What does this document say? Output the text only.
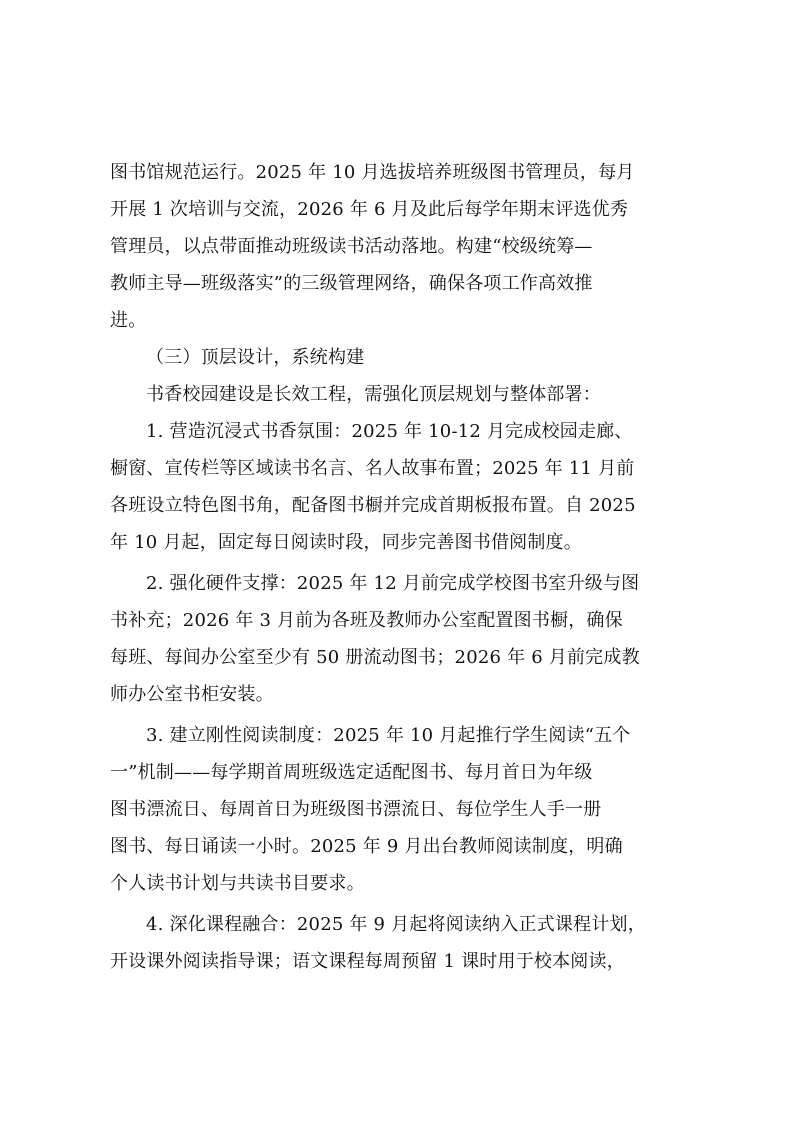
图书馆规范运行。2025 年 10 月选拔培养班级图书管理员，每月
开展 1 次培训与交流，2026 年 6 月及此后每学年期末评选优秀
管理员，以点带面推动班级读书活动落地。构建“校级统筹—
教师主导—班级落实”的三级管理网络，确保各项工作高效推
进。
（三）顶层设计，系统构建
书香校园建设是长效工程，需强化顶层规划与整体部署：
1. 营造沉浸式书香氛围：2025 年 10-12 月完成校园走廊、
橱窗、宣传栏等区域读书名言、名人故事布置；2025 年 11 月前
各班设立特色图书角，配备图书橱并完成首期板报布置。自 2025
年 10 月起，固定每日阅读时段，同步完善图书借阅制度。
2. 强化硬件支撑：2025 年 12 月前完成学校图书室升级与图
书补充；2026 年 3 月前为各班及教师办公室配置图书橱，确保
每班、每间办公室至少有 50 册流动图书；2026 年 6 月前完成教
师办公室书柜安装。
3. 建立刚性阅读制度：2025 年 10 月起推行学生阅读“五个
一”机制——每学期首周班级选定适配图书、每月首日为年级
图书漂流日、每周首日为班级图书漂流日、每位学生人手一册
图书、每日诵读一小时。2025 年 9 月出台教师阅读制度，明确
个人读书计划与共读书目要求。
4. 深化课程融合：2025 年 9 月起将阅读纳入正式课程计划，
开设课外阅读指导课；语文课程每周预留 1 课时用于校本阅读，
